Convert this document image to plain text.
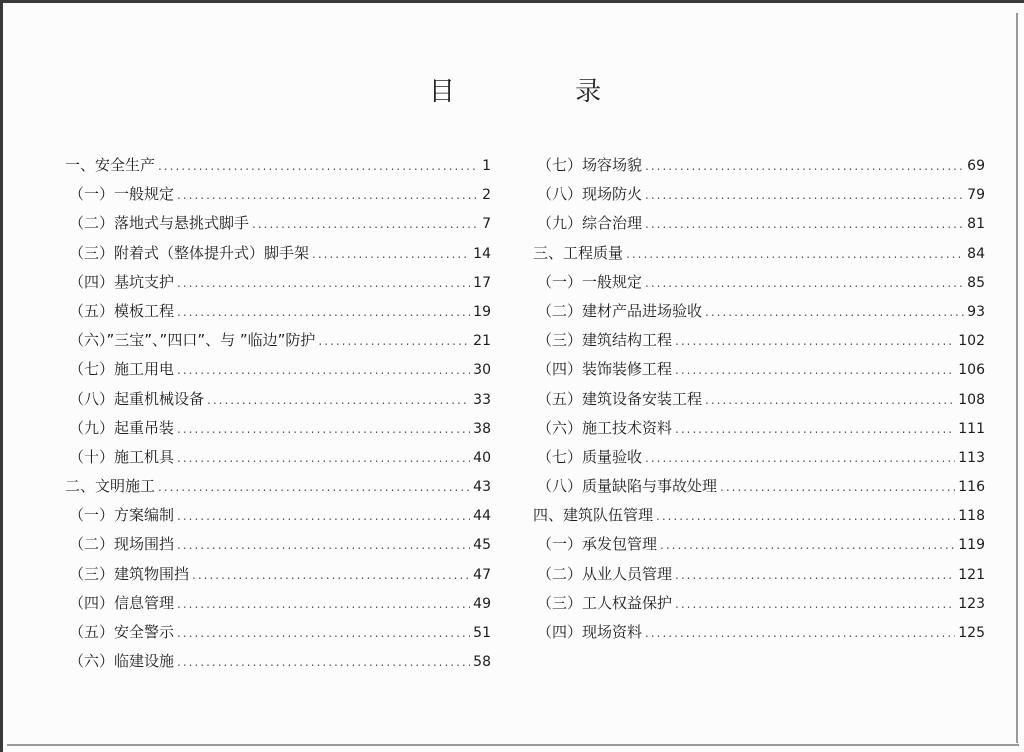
目 录
一、安全生产 .....	1
（一）一般规定 .....	2
（二）落地式与悬挑式脚手 .....	7
（三）附着式（整体提升式）脚手架 .....	14
（四）基坑支护 .....	17
（五）模板工程 .....	19
（六）”三宝”、”四口”、与 ”临边”防护 .....	21
（七）施工用电 .....	30
（八）起重机械设备 .....	33
（九）起重吊装 .....	38
（十）施工机具 .....	40
二、文明施工 .....	43
（一）方案编制 .....	44
（二）现场围挡 .....	45
（三）建筑物围挡 .....	47
（四）信息管理 .....	49
（五）安全警示 .....	51
（六）临建设施 .....	58
（七）场容场貌 .....	69
（八）现场防火 .....	79
（九）综合治理 .....	81
三、工程质量 .....	84
（一）一般规定 .....	85
（二）建材产品进场验收 .....	93
（三）建筑结构工程 .....	102
（四）装饰装修工程 .....	106
（五）建筑设备安装工程 .....	108
（六）施工技术资料 .....	111
（七）质量验收 .....	113
（八）质量缺陷与事故处理 .....	116
四、建筑队伍管理 .....	118
（一）承发包管理 .....	119
（二）从业人员管理 .....	121
（三）工人权益保护 .....	123
（四）现场资料 .....	125
